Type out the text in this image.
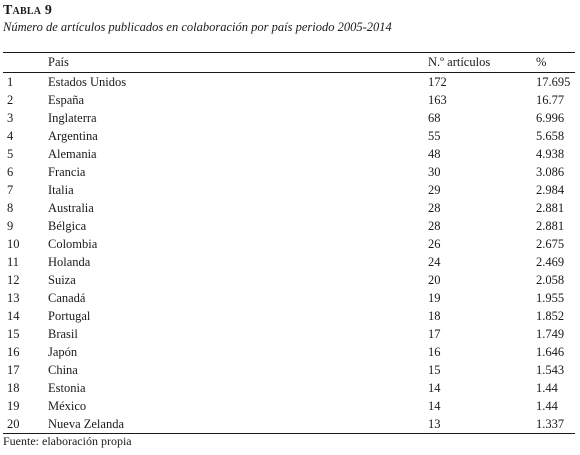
Tabla 9
Número de artículos publicados en colaboración por país periodo 2005-2014
	País	N.º artículos	%
1	Estados Unidos	172	17.695
2	España	163	16.77
3	Inglaterra	68	6.996
4	Argentina	55	5.658
5	Alemania	48	4.938
6	Francia	30	3.086
7	Italia	29	2.984
8	Australia	28	2.881
9	Bélgica	28	2.881
10	Colombia	26	2.675
11	Holanda	24	2.469
12	Suiza	20	2.058
13	Canadá	19	1.955
14	Portugal	18	1.852
15	Brasil	17	1.749
16	Japón	16	1.646
17	China	15	1.543
18	Estonia	14	1.44
19	México	14	1.44
20	Nueva Zelanda	13	1.337
Fuente: elaboración propia
